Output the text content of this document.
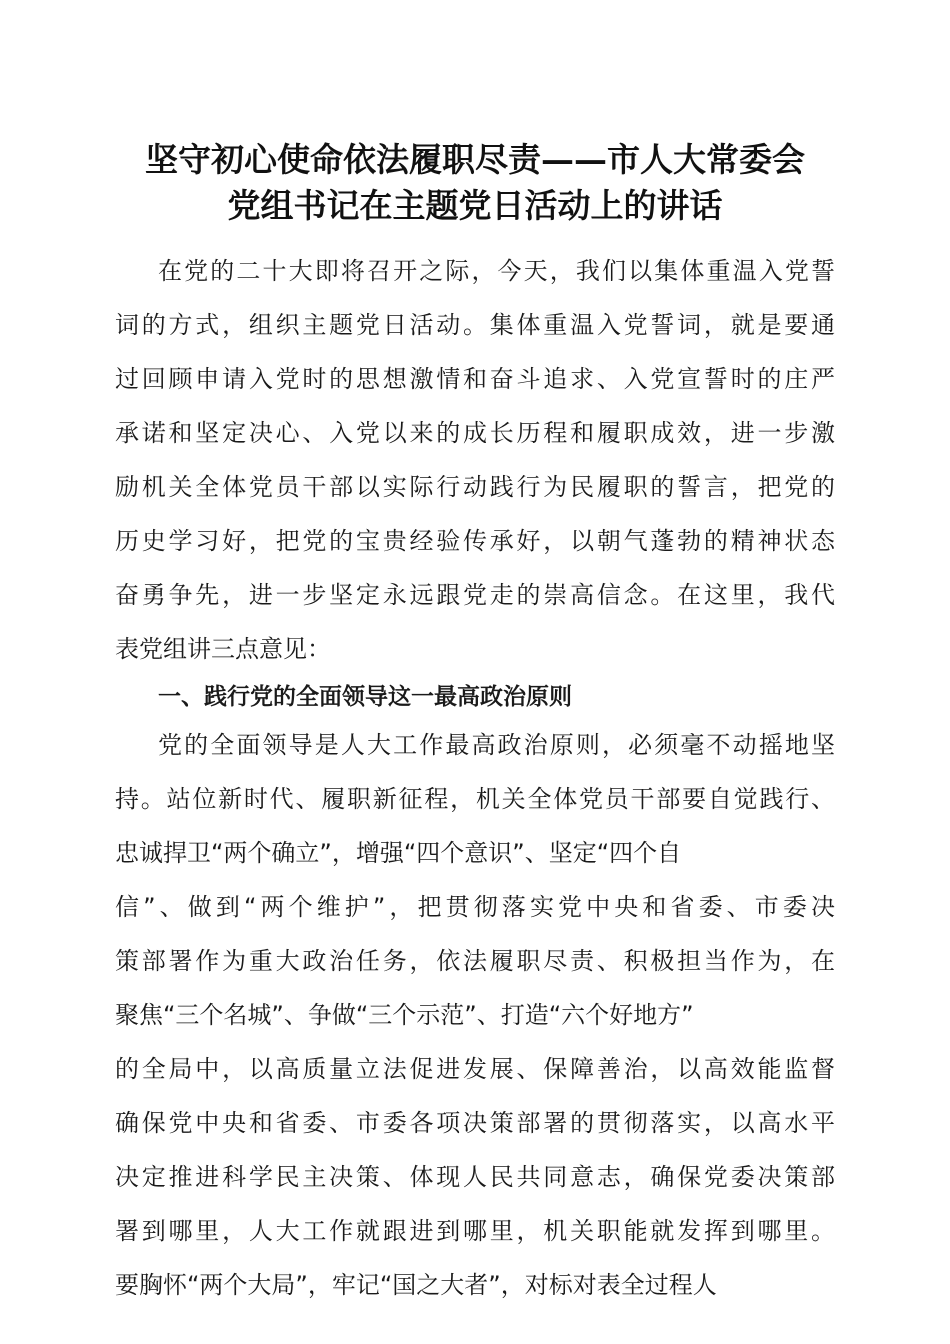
坚守初心使命依法履职尽责——市人大常委会
党组书记在主题党日活动上的讲话
在党的二十大即将召开之际，今天，我们以集体重温入党誓
词的方式，组织主题党日活动。集体重温入党誓词，就是要通
过回顾申请入党时的思想激情和奋斗追求、入党宣誓时的庄严
承诺和坚定决心、入党以来的成长历程和履职成效，进一步激
励机关全体党员干部以实际行动践行为民履职的誓言，把党的
历史学习好，把党的宝贵经验传承好，以朝气蓬勃的精神状态
奋勇争先，进一步坚定永远跟党走的崇高信念。在这里，我代
表党组讲三点意见：
一、践行党的全面领导这一最高政治原则
党的全面领导是人大工作最高政治原则，必须毫不动摇地坚
持。站位新时代、履职新征程，机关全体党员干部要自觉践行、
忠诚捍卫“两个确立”，增强“四个意识”、坚定“四个自
信”、做到“两个维护”，把贯彻落实党中央和省委、市委决
策部署作为重大政治任务，依法履职尽责、积极担当作为，在
聚焦“三个名城”、争做“三个示范”、打造“六个好地方”
的全局中，以高质量立法促进发展、保障善治，以高效能监督
确保党中央和省委、市委各项决策部署的贯彻落实，以高水平
决定推进科学民主决策、体现人民共同意志，确保党委决策部
署到哪里，人大工作就跟进到哪里，机关职能就发挥到哪里。
要胸怀“两个大局”，牢记“国之大者”，对标对表全过程人
